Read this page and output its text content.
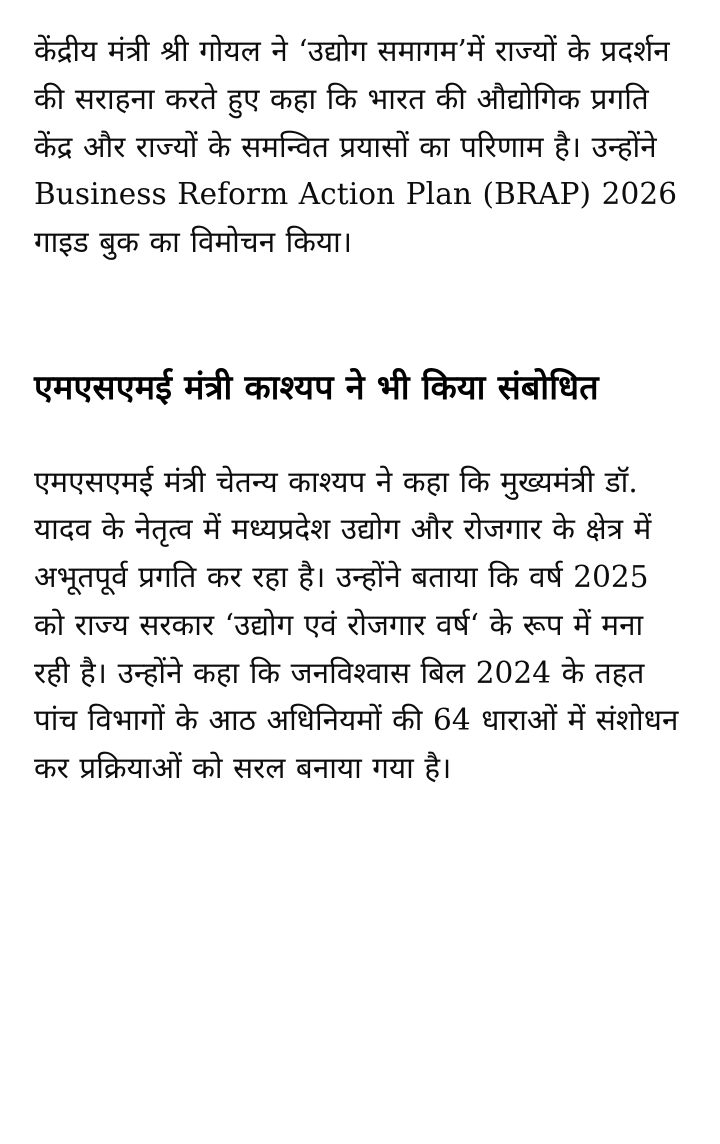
केंद्रीय मंत्री श्री गोयल ने ‘उद्योग समागम’में राज्यों के प्रदर्शन की सराहना करते हुए कहा कि भारत की औद्योगिक प्रगति केंद्र और राज्यों के समन्वित प्रयासों का परिणाम है। उन्होंने Business Reform Action Plan (BRAP) 2026 गाइड बुक का विमोचन किया।

एमएसएमई मंत्री काश्यप ने भी किया संबोधित

एमएसएमई मंत्री चेतन्य काश्यप ने कहा कि मुख्यमंत्री डॉ. यादव के नेतृत्व में मध्यप्रदेश उद्योग और रोजगार के क्षेत्र में अभूतपूर्व प्रगति कर रहा है। उन्होंने बताया कि वर्ष 2025 को राज्य सरकार ‘उद्योग एवं रोजगार वर्ष‘ के रूप में मना रही है। उन्होंने कहा कि जनविश्वास बिल 2024 के तहत पांच विभागों के आठ अधिनियमों की 64 धाराओं में संशोधन कर प्रक्रियाओं को सरल बनाया गया है।
